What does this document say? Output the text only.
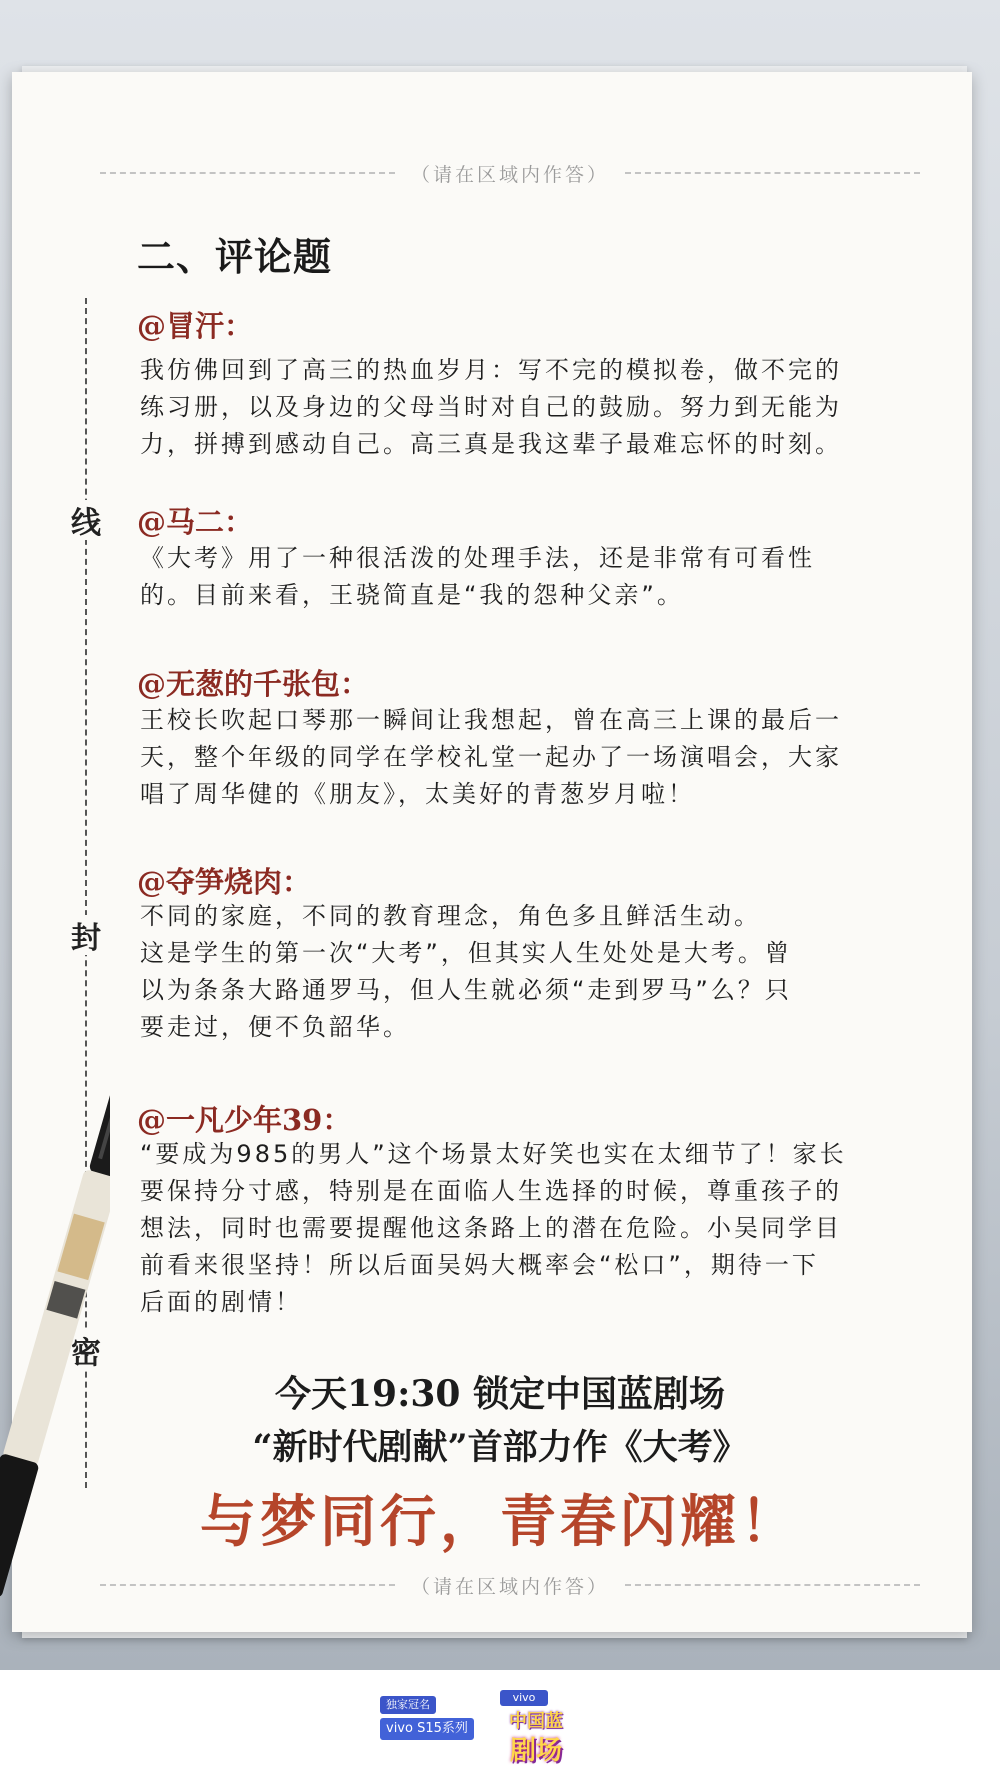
（请在区域内作答）
线
封
密
二、评论题
@冒汗：
我仿佛回到了高三的热血岁月：写不完的模拟卷，做不完的
练习册，以及身边的父母当时对自己的鼓励。努力到无能为
力，拼搏到感动自己。高三真是我这辈子最难忘怀的时刻。
@马二：
《大考》用了一种很活泼的处理手法，还是非常有可看性
的。目前来看，王骁简直是“我的怨种父亲”。
@无葱的千张包：
王校长吹起口琴那一瞬间让我想起，曾在高三上课的最后一
天，整个年级的同学在学校礼堂一起办了一场演唱会，大家
唱了周华健的《朋友》，太美好的青葱岁月啦！
@夺笋烧肉：
不同的家庭，不同的教育理念，角色多且鲜活生动。
这是学生的第一次“大考”，但其实人生处处是大考。曾
以为条条大路通罗马，但人生就必须“走到罗马”么？只
要走过，便不负韶华。
@一凡少年39：
“要成为985的男人”这个场景太好笑也实在太细节了！家长
要保持分寸感，特别是在面临人生选择的时候，尊重孩子的
想法，同时也需要提醒他这条路上的潜在危险。小吴同学目
前看来很坚持！所以后面吴妈大概率会“松口”，期待一下
后面的剧情！
今天19:30 锁定中国蓝剧场
“新时代剧献”首部力作《大考》
与梦同行，青春闪耀！
（请在区域内作答）
独家冠名
vivo S15系列
vivo
中国蓝
剧场
